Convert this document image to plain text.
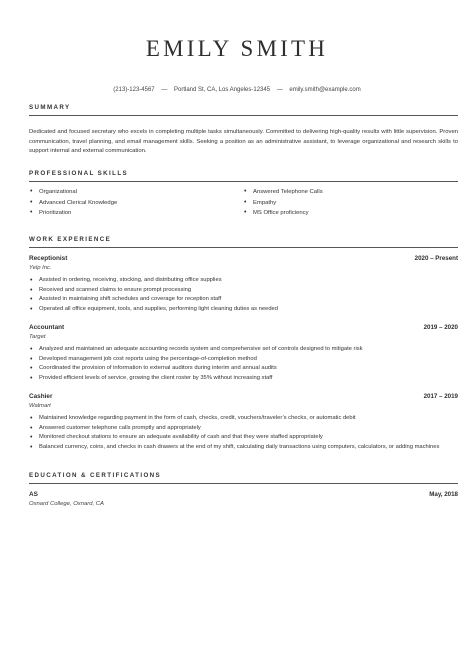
EMILY SMITH
(213)-123-4567 — Portland St, CA, Los Angeles-12345 — emily.smith@example.com
SUMMARY
Dedicated and focused secretary who excels in completing multiple tasks simultaneously. Committed to delivering high-quality results with little supervision. Proven communication, travel planning, and email management skills. Seeking a position as an administrative assistant, to leverage organizational and research skills to support internal and external communication.
PROFESSIONAL SKILLS
• Organizational
• Advanced Clerical Knowledge
• Prioritization
• Answered Telephone Calls
• Empathy
• MS Office proficiency
WORK EXPERIENCE
Receptionist	2020 – Present
Yelp Inc.
• Assisted in ordering, receiving, stocking, and distributing office supplies
• Received and scanned claims to ensure prompt processing
• Assisted in maintaining shift schedules and coverage for reception staff
• Operated all office equipment, tools, and supplies, performing light cleaning duties as needed
Accountant	2019 – 2020
Target
• Analyzed and maintained an adequate accounting records system and comprehensive set of controls designed to mitigate risk
• Developed management job cost reports using the percentage-of-completion method
• Coordinated the provision of information to external auditors during interim and annual audits
• Provided efficient levels of service, growing the client roster by 35% without increasing staff
Cashier	2017 – 2019
Walmart
• Maintained knowledge regarding payment in the form of cash, checks, credit, vouchers/traveler’s checks, or automatic debit
• Answered customer telephone calls promptly and appropriately
• Monitored checkout stations to ensure an adequate availability of cash and that they were staffed appropriately
• Balanced currency, coins, and checks in cash drawers at the end of my shift, calculating daily transactions using computers, calculators, or adding machines
EDUCATION & CERTIFICATIONS
AS	May, 2018
Oxnard College, Oxnard, CA
